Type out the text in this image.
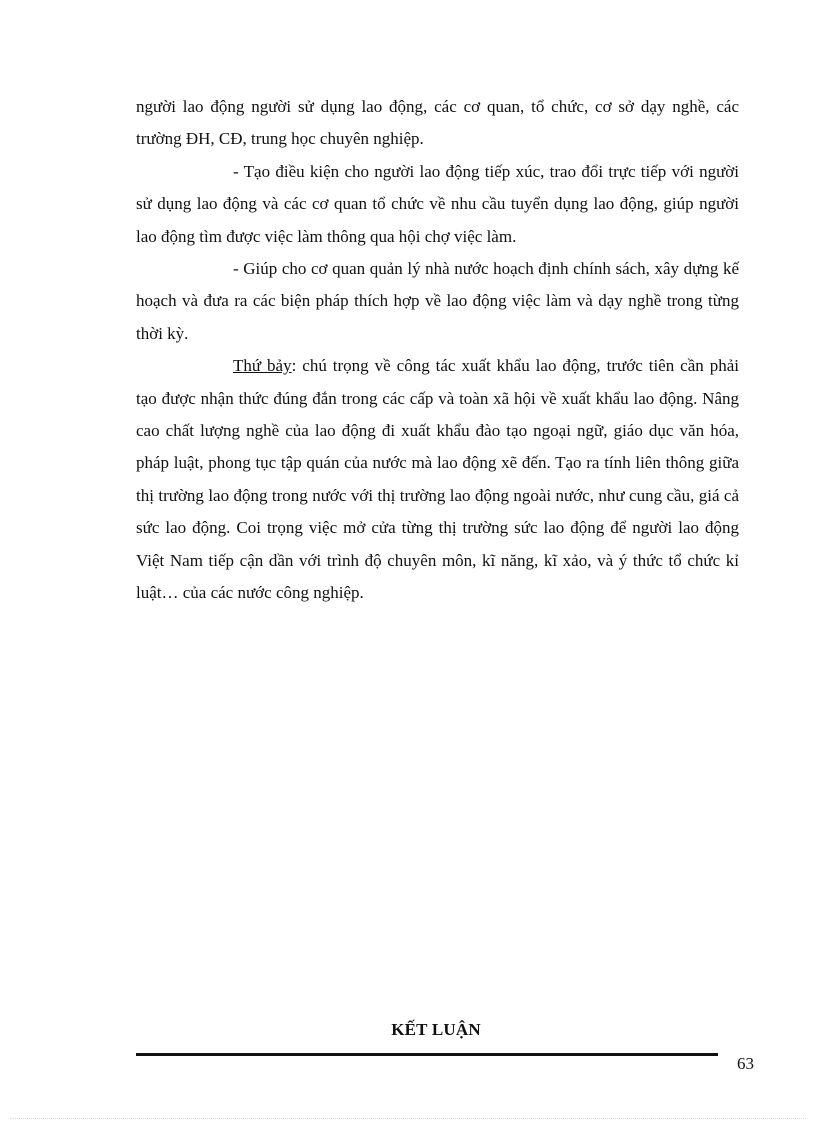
người lao động người sử dụng lao động, các cơ quan, tổ chức, cơ sở dạy nghề, các trường ĐH, CĐ, trung học chuyên nghiệp.

- Tạo điều kiện cho người lao động tiếp xúc, trao đổi trực tiếp với người sử dụng lao động và các cơ quan tổ chức về nhu cầu tuyển dụng lao động, giúp người lao động tìm được việc làm thông qua hội chợ việc làm.

- Giúp cho cơ quan quản lý nhà nước hoạch định chính sách, xây dựng kế hoạch và đưa ra các biện pháp thích hợp về lao động việc làm và dạy nghề trong từng thời kỳ.

Thứ bảy: chú trọng về công tác xuất khẩu lao động, trước tiên cần phải tạo được nhận thức đúng đắn trong các cấp và toàn xã hội về xuất khẩu lao động. Nâng cao chất lượng nghề của lao động đi xuất khẩu đào tạo ngoại ngữ, giáo dục văn hóa, pháp luật, phong tục tập quán của nước mà lao động xẽ đến. Tạo ra tính liên thông giữa thị trường lao động trong nước với thị trường lao động ngoài nước, như cung cầu, giá cả sức lao động. Coi trọng việc mở cửa từng thị trường sức lao động để người lao động Việt Nam tiếp cận dần với trình độ chuyên môn, kĩ năng, kĩ xảo, và ý thức tổ chức kỉ luật… của các nước công nghiệp.

KẾT LUẬN
63
